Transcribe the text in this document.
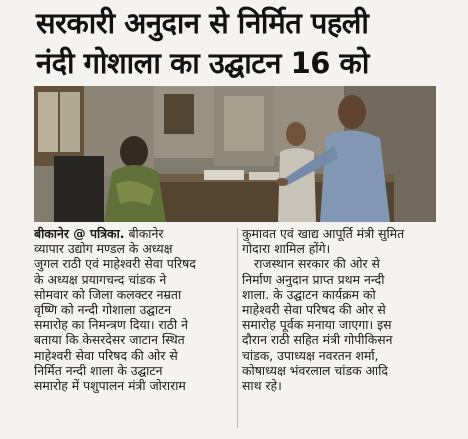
सरकारी अनुदान से निर्मित पहली
नंदी गोशाला का उद्घाटन 16 को

बीकानेर @ पत्रिका. बीकानेर

व्यापार उद्योग मण्डल के अध्यक्ष

जुगल राठी एवं माहेश्वरी सेवा परिषद

के अध्यक्ष प्रयागचन्द चांडक ने

सोमवार को जिला कलक्टर नम्रता

वृष्णि को नन्दी गोशाला उद्घाटन

समारोह का निमन्त्रण दिया। राठी ने

बताया कि केसरदेसर जाटान स्थित

माहेश्वरी सेवा परिषद की ओर से

निर्मित नन्दी शाला के उद्घाटन

समारोह में पशुपालन मंत्री जोराराम

कुमावत एवं खाद्य आपूर्ति मंत्री सुमित

गोदारा शामिल होंगे।

राजस्थान सरकार की ओर से

निर्माण अनुदान प्राप्त प्रथम नन्दी

शाला. के उद्घाटन कार्यक्रम को

माहेश्वरी सेवा परिषद की ओर से

समारोह पूर्वक मनाया जाएगा। इस

दौरान राठी सहित मंत्री गोपीकिसन

चांडक, उपाध्यक्ष नवरतन शर्मा,

कोषाध्यक्ष भंवरलाल चांडक आदि

साथ रहे।
